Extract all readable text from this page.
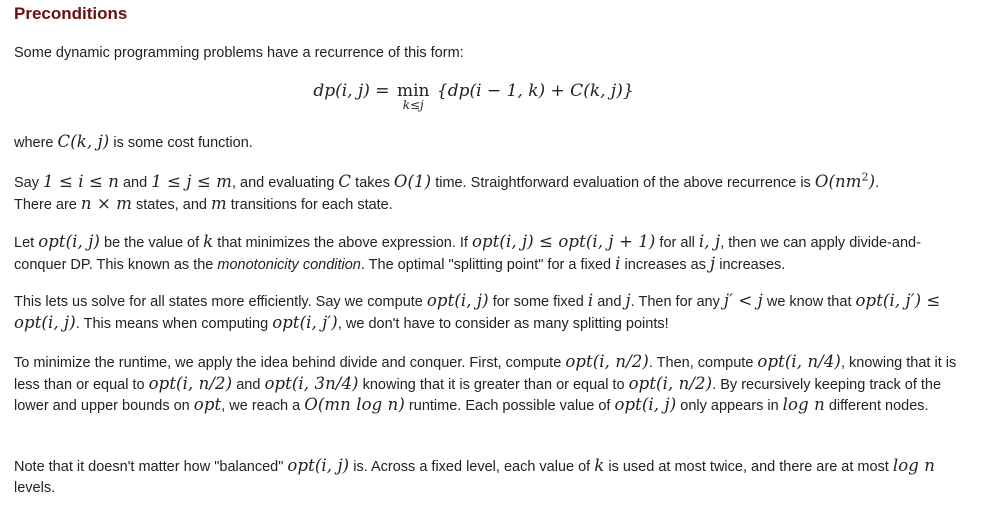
Preconditions

Some dynamic programming problems have a recurrence of this form:

dp(i, j) = min
k≤j
{dp(i − 1, k) + C(k, j)}

where C(k, j) is some cost function.

Say 1 ≤ i ≤ n and 1 ≤ j ≤ m, and evaluating C takes O(1) time. Straightforward evaluation of the above recurrence is $O(nm^2)$.
There are n × m states, and m transitions for each state.

Let opt(i, j) be the value of k that minimizes the above expression. If opt(i, j) ≤ opt(i, j + 1) for all i, j, then we can apply divide-and-conquer DP. This known as the monotonicity condition. The optimal "splitting point" for a fixed i increases as j increases.

This lets us solve for all states more efficiently. Say we compute opt(i, j) for some fixed i and j. Then for any j′ < j we know that opt(i, j′) ≤ opt(i, j). This means when computing opt(i, j′), we don't have to consider as many splitting points!

To minimize the runtime, we apply the idea behind divide and conquer. First, compute opt(i, n/2). Then, compute opt(i, n/4), knowing that it is less than or equal to opt(i, n/2) and opt(i, 3n/4) knowing that it is greater than or equal to opt(i, n/2). By recursively keeping track of the lower and upper bounds on opt, we reach a O(mn log n) runtime. Each possible value of opt(i, j) only appears in log n different nodes.

Note that it doesn't matter how "balanced" opt(i, j) is. Across a fixed level, each value of k is used at most twice, and there are at most log n levels.
